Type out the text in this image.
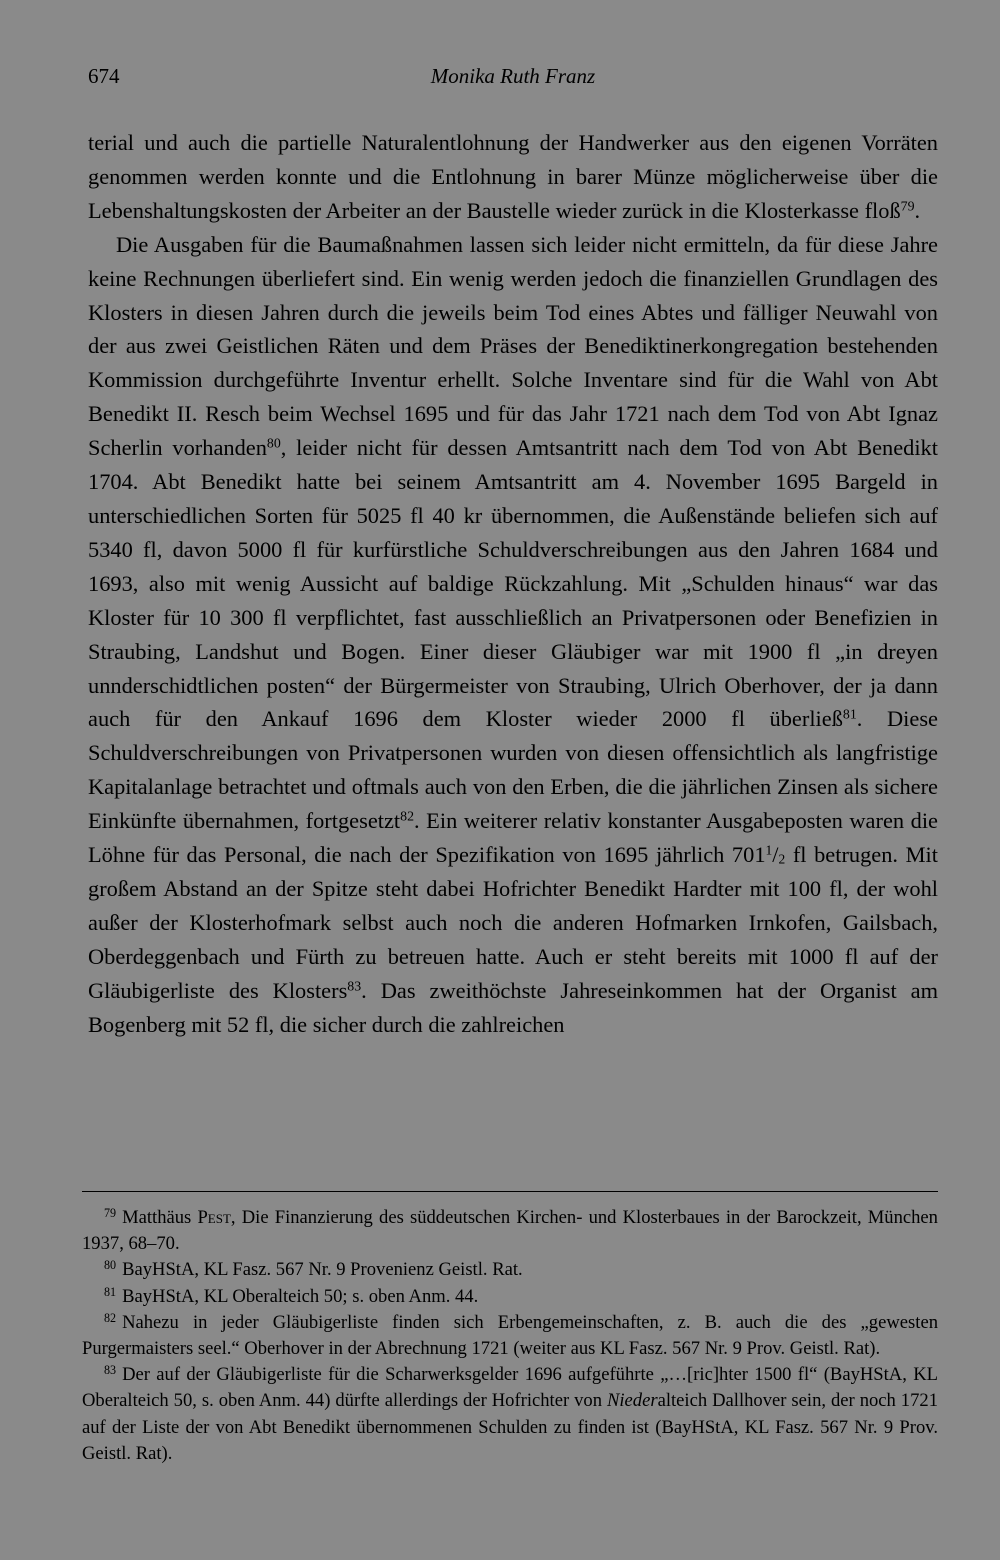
674	Monika Ruth Franz

terial und auch die partielle Naturalentlohnung der Handwerker aus den eigenen Vorräten genommen werden konnte und die Entlohnung in barer Münze möglicherweise über die Lebenshaltungskosten der Arbeiter an der Baustelle wieder zurück in die Klosterkasse floß$^{79}$.

Die Ausgaben für die Baumaßnahmen lassen sich leider nicht ermitteln, da für diese Jahre keine Rechnungen überliefert sind. Ein wenig werden jedoch die finanziellen Grundlagen des Klosters in diesen Jahren durch die jeweils beim Tod eines Abtes und fälliger Neuwahl von der aus zwei Geistlichen Räten und dem Präses der Benediktinerkongregation bestehenden Kommission durchgeführte Inventur erhellt. Solche Inventare sind für die Wahl von Abt Benedikt II. Resch beim Wechsel 1695 und für das Jahr 1721 nach dem Tod von Abt Ignaz Scherlin vorhanden$^{80}$, leider nicht für dessen Amtsantritt nach dem Tod von Abt Benedikt 1704. Abt Benedikt hatte bei seinem Amtsantritt am 4. November 1695 Bargeld in unterschiedlichen Sorten für 5025 fl 40 kr übernommen, die Außenstände beliefen sich auf 5340 fl, davon 5000 fl für kurfürstliche Schuldverschreibungen aus den Jahren 1684 und 1693, also mit wenig Aussicht auf baldige Rückzahlung. Mit „Schulden hinaus“ war das Kloster für 10 300 fl verpflichtet, fast ausschließlich an Privatpersonen oder Benefizien in Straubing, Landshut und Bogen. Einer dieser Gläubiger war mit 1900 fl „in dreyen unnderschidtlichen posten“ der Bürgermeister von Straubing, Ulrich Oberhover, der ja dann auch für den Ankauf 1696 dem Kloster wieder 2000 fl überließ$^{81}$. Diese Schuldverschreibungen von Privatpersonen wurden von diesen offensichtlich als langfristige Kapitalanlage betrachtet und oftmals auch von den Erben, die die jährlichen Zinsen als sichere Einkünfte übernahmen, fortgesetzt$^{82}$. Ein weiterer relativ konstanter Ausgabeposten waren die Löhne für das Personal, die nach der Spezifikation von 1695 jährlich $701^1/2$ fl betrugen. Mit großem Abstand an der Spitze steht dabei Hofrichter Benedikt Hardter mit 100 fl, der wohl außer der Klosterhofmark selbst auch noch die anderen Hofmarken Irnkofen, Gailsbach, Oberdeggenbach und Fürth zu betreuen hatte. Auch er steht bereits mit 1000 fl auf der Gläubigerliste des Klosters$^{83}$. Das zweithöchste Jahreseinkommen hat der Organist am Bogenberg mit 52 fl, die sicher durch die zahlreichen

$^{79}$ Matthäus Pest, Die Finanzierung des süddeutschen Kirchen- und Klosterbaues in der Barockzeit, München 1937, 68–70.

$^{80}$ BayHStA, KL Fasz. 567 Nr. 9 Provenienz Geistl. Rat.

$^{81}$ BayHStA, KL Oberalteich 50; s. oben Anm. 44.

$^{82}$ Nahezu in jeder Gläubigerliste finden sich Erbengemeinschaften, z. B. auch die des „gewesten Purgermaisters seel.“ Oberhover in der Abrechnung 1721 (weiter aus KL Fasz. 567 Nr. 9 Prov. Geistl. Rat).

$^{83}$ Der auf der Gläubigerliste für die Scharwerksgelder 1696 aufgeführte „…[ric]hter 1500 fl“ (BayHStA, KL Oberalteich 50, s. oben Anm. 44) dürfte allerdings der Hofrichter von Niederalteich Dallhover sein, der noch 1721 auf der Liste der von Abt Benedikt übernommenen Schulden zu finden ist (BayHStA, KL Fasz. 567 Nr. 9 Prov. Geistl. Rat).
